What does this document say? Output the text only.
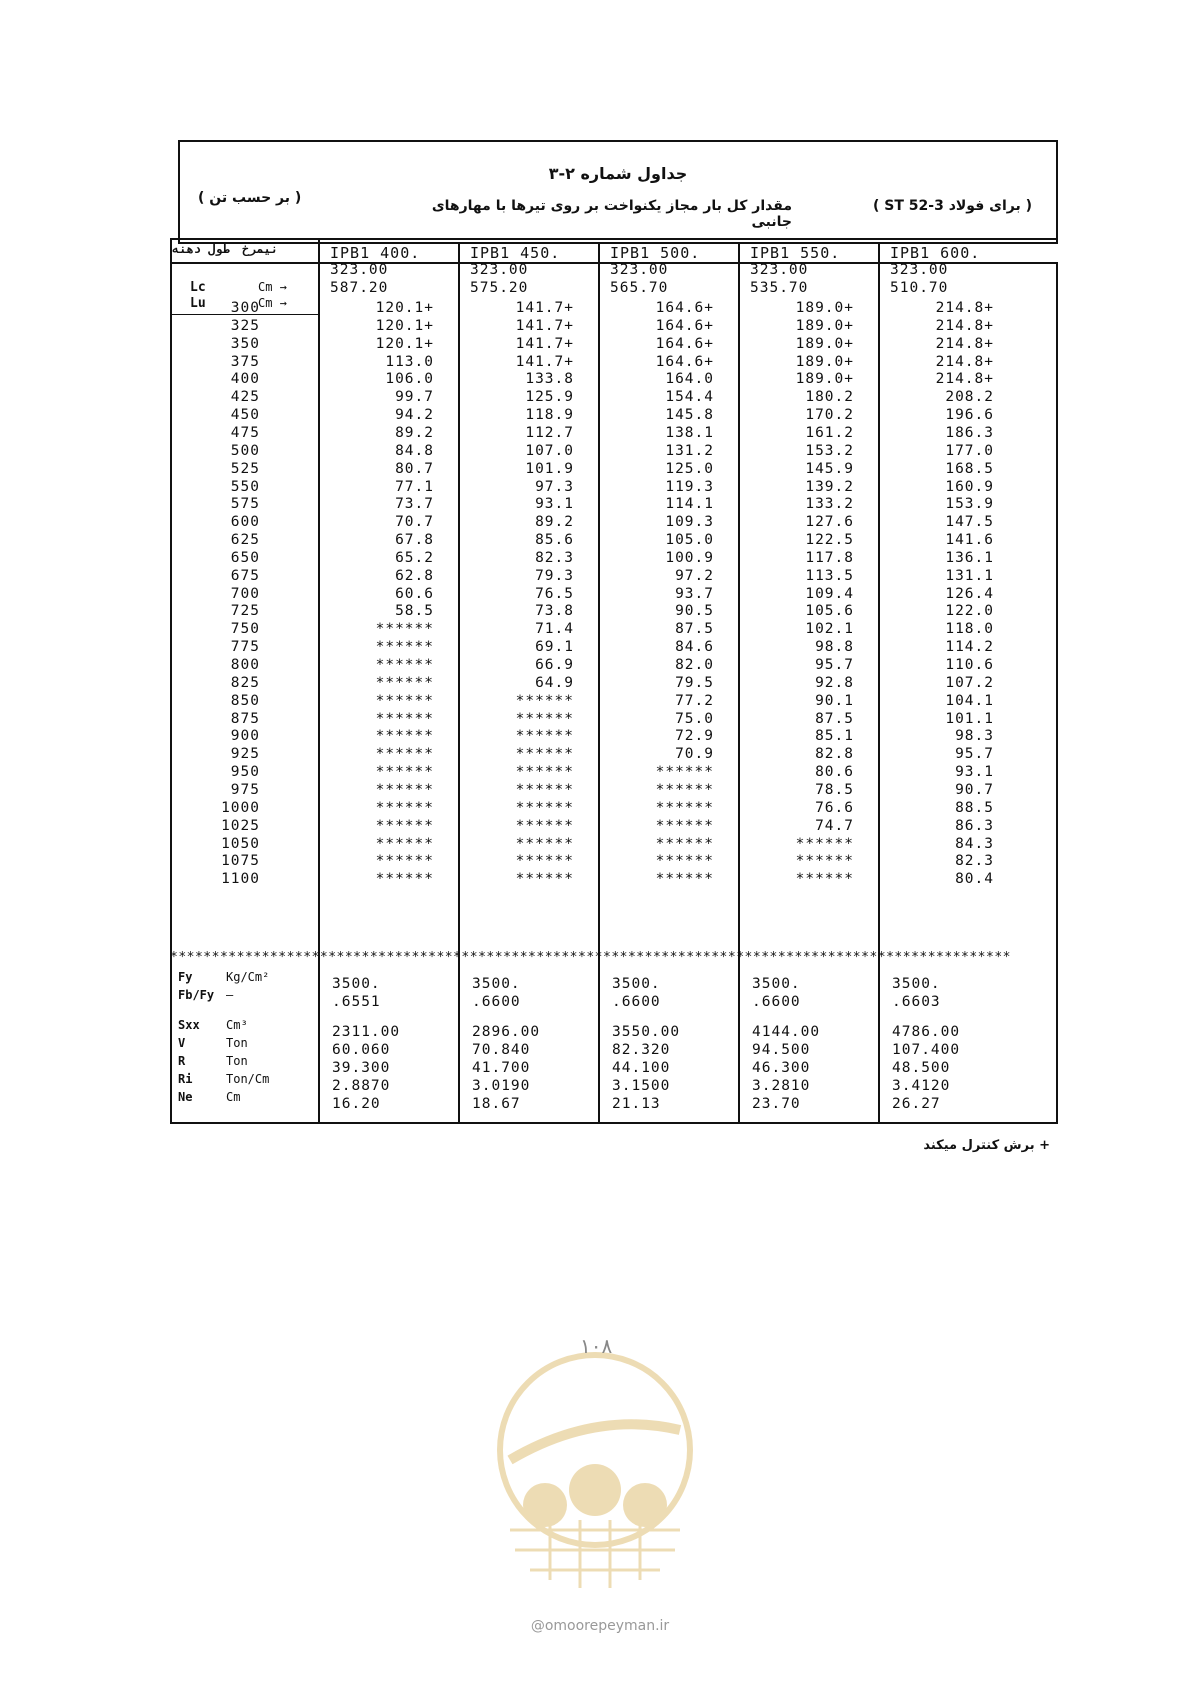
جداول شماره ۲-۳
( برای فولاد ST 52-3 )
مقدار کل بار مجاز یکنواخت بر روی تیرها با مهارهای جانبی
( بر حسب تن )
طول دهنه نیمرخ
Lc	Cm →
Lu	Cm →
IPB1 400.	IPB1 450.	IPB1 500.	IPB1 550.	IPB1 600.
323.00	323.00	323.00	323.00	323.00
587.20	575.20	565.70	535.70	510.70
300	120.1+	141.7+	164.6+	189.0+	214.8+
325	120.1+	141.7+	164.6+	189.0+	214.8+
350	120.1+	141.7+	164.6+	189.0+	214.8+
375	113.0	141.7+	164.6+	189.0+	214.8+
400	106.0	133.8	164.0	189.0+	214.8+
425	99.7	125.9	154.4	180.2	208.2
450	94.2	118.9	145.8	170.2	196.6
475	89.2	112.7	138.1	161.2	186.3
500	84.8	107.0	131.2	153.2	177.0
525	80.7	101.9	125.0	145.9	168.5
550	77.1	97.3	119.3	139.2	160.9
575	73.7	93.1	114.1	133.2	153.9
600	70.7	89.2	109.3	127.6	147.5
625	67.8	85.6	105.0	122.5	141.6
650	65.2	82.3	100.9	117.8	136.1
675	62.8	79.3	97.2	113.5	131.1
700	60.6	76.5	93.7	109.4	126.4
725	58.5	73.8	90.5	105.6	122.0
750	******	71.4	87.5	102.1	118.0
775	******	69.1	84.6	98.8	114.2
800	******	66.9	82.0	95.7	110.6
825	******	64.9	79.5	92.8	107.2
850	******	******	77.2	90.1	104.1
875	******	******	75.0	87.5	101.1
900	******	******	72.9	85.1	98.3
925	******	******	70.9	82.8	95.7
950	******	******	******	80.6	93.1
975	******	******	******	78.5	90.7
1000	******	******	******	76.6	88.5
1025	******	******	******	74.7	86.3
1050	******	******	******	******	84.3
1075	******	******	******	******	82.3
1100	******	******	******	******	80.4
Fy	Kg/Cm²	3500.	3500.	3500.	3500.	3500.
Fb/Fy —	.6551	.6600	.6600	.6600	.6603
Sxx Cm³	2311.00	2896.00	3550.00	4144.00	4786.00
V	Ton	60.060	70.840	82.320	94.500	107.400
R	Ton	39.300	41.700	44.100	46.300	48.500
Ri	Ton/Cm	2.8870	3.0190	3.1500	3.2810	3.4120
Ne	Cm	16.20	18.67	21.13	23.70	26.27
*****************************************************************************************************
+ برش کنترل میکند
۱۰۸
@omoorepeyman.ir
